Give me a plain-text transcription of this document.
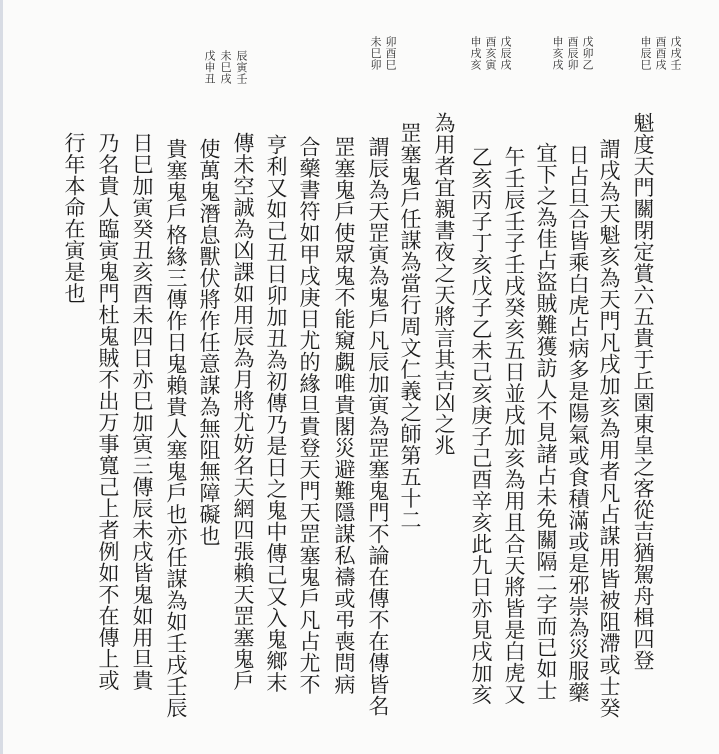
戊戌壬
酉酉戌
申辰巳
戊卯乙
酉辰卯
申亥戌
戊辰戌
酉亥寅
申戌亥
卯酉巳
未巳卯
辰寅壬
未巳戌
戊申丑
魁度天門關閉定賞六五貴于丘園東皇之客從吉猶駕舟楫四登
謂戌為天魁亥為天門凡戌加亥為用者凡占謀用皆被阻滯或士癸
日占旦合皆乘白虎占病多是陽氣或食積滿或是邪崇為災服藥
宜下之為佳占盜賊難獲訪人不見諸占未免關隔二字而已如士
午壬辰壬子壬戌癸亥五日並戌加亥為用且合天將皆是白虎又
乙亥丙子丁亥戊子乙未己亥庚子己酉辛亥此九日亦見戌加亥
為用者宜親書夜之天將言其吉凶之兆
罡塞鬼戶任謀為當行周文仁義之師第五十二
謂辰為天罡寅為鬼戶凡辰加寅為罡塞鬼門不論在傳不在傳皆名
罡塞鬼戶使眾鬼不能窺覷唯貴閣災避難隱謀私禱或弔喪問病
合藥書符如甲戌庚日尤的緣旦貴登天門天罡塞鬼戶凡占尤不
亨利又如己丑日卯加丑為初傳乃是日之鬼中傳己又入鬼鄉末
傳未空誠為凶課如用辰為月將尤妨名天網四張賴天罡塞鬼戶
使萬鬼潛息獸伏將作任意謀為無阻無障礙也
貴塞鬼戶格緣三傳作日鬼賴貴人塞鬼戶也亦任謀為如壬戌壬辰
日巳加寅癸丑亥酉未四日亦巳加寅三傳辰未戌皆鬼如用旦貴
乃名貴人臨寅鬼門杜鬼賊不出万事寬己上者例如不在傳上或
行年本命在寅是也
